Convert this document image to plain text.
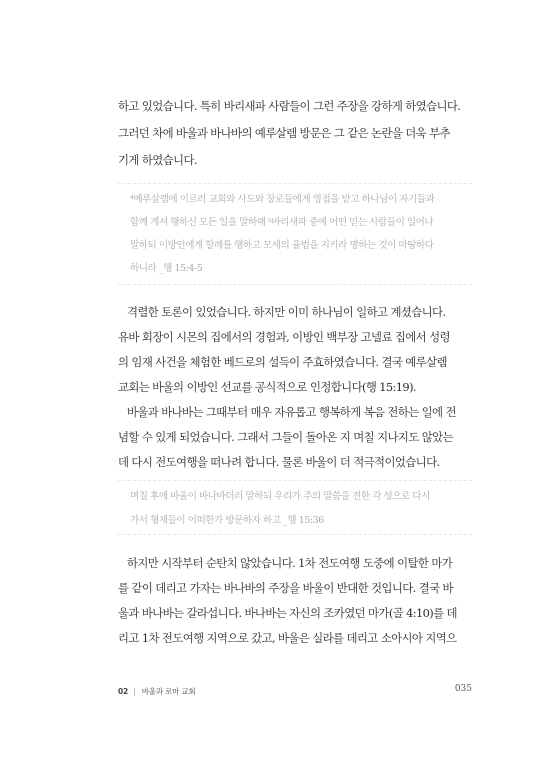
하고 있었습니다. 특히 바리새파 사람들이 그런 주장을 강하게 하였습니다.
그러던 차에 바울과 바나바의 예루살렘 방문은 그 같은 논란을 더욱 부추
기게 하였습니다.
⁴예루살렘에 이르러 교회와 사도와 장로들에게 영접을 받고 하나님이 자기들과
함께 계셔 행하신 모든 일을 말하매 ⁵바리새파 중에 어떤 믿는 사람들이 일어나
말하되 이방인에게 할례를 행하고 모세의 율법을 지키라 명하는 것이 마땅하다
하니라 _행 15:4-5
격렬한 토론이 있었습니다. 하지만 이미 하나님이 일하고 계셨습니다.
유바 회장이 시몬의 집에서의 경험과, 이방인 백부장 고넬료 집에서 성령
의 임재 사건을 체험한 베드로의 설득이 주효하였습니다. 결국 예루살렘
교회는 바울의 이방인 선교를 공식적으로 인정합니다(행 15:19).
바울과 바나바는 그때부터 매우 자유롭고 행복하게 복음 전하는 일에 전
념할 수 있게 되었습니다. 그래서 그들이 돌아온 지 며칠 지나지도 않았는
데 다시 전도여행을 떠나려 합니다. 물론 바울이 더 적극적이었습니다.
며칠 후에 바울이 바나바더러 말하되 우리가 주의 말씀을 전한 각 성으로 다시
가서 형제들이 어떠한가 방문하자 하고 _행 15:36
하지만 시작부터 순탄치 않았습니다. 1차 전도여행 도중에 이탈한 마가
를 같이 데리고 가자는 바나바의 주장을 바울이 반대한 것입니다. 결국 바
울과 바나바는 갈라섭니다. 바나바는 자신의 조카였던 마가(골 4:10)를 데
리고 1차 전도여행 지역으로 갔고, 바울은 실라를 데리고 소아시아 지역으
02 | 바울과 로마 교회	035
